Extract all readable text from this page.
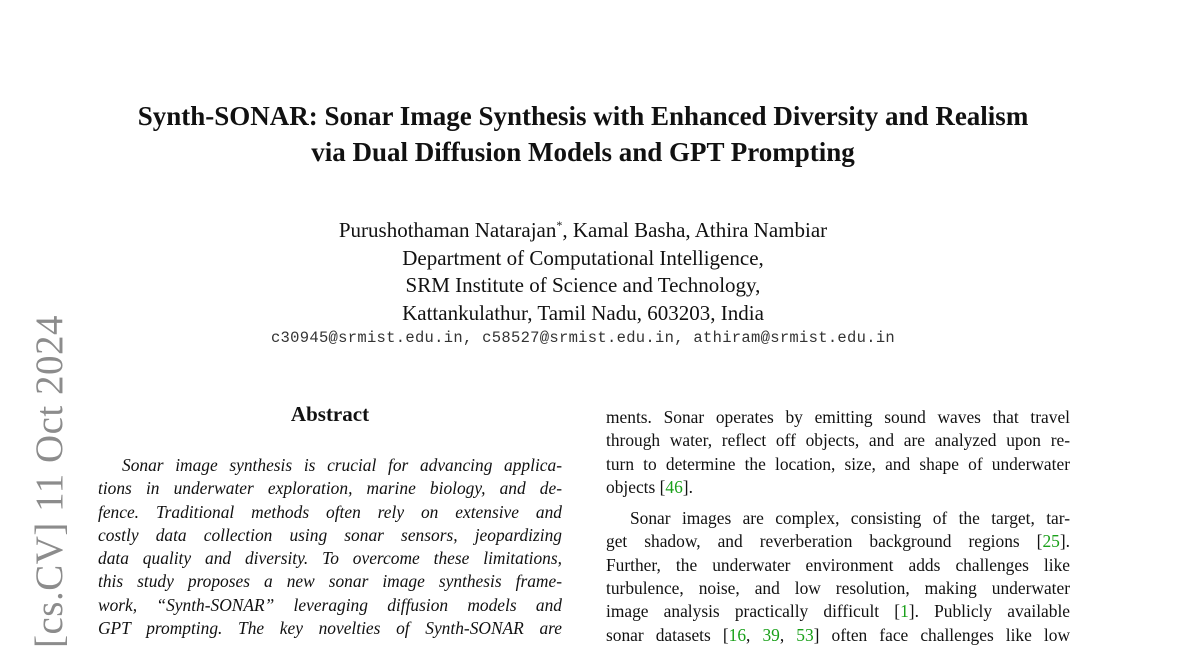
[cs.CV] 11 Oct 2024
Synth-SONAR: Sonar Image Synthesis with Enhanced Diversity and Realism
via Dual Diffusion Models and GPT Prompting
Purushothaman Natarajan*, Kamal Basha, Athira Nambiar
Department of Computational Intelligence,
SRM Institute of Science and Technology,
Kattankulathur, Tamil Nadu, 603203, India
c30945@srmist.edu.in, c58527@srmist.edu.in, athiram@srmist.edu.in
Abstract
Sonar image synthesis is crucial for advancing applica-
tions in underwater exploration, marine biology, and de-
fence. Traditional methods often rely on extensive and
costly data collection using sonar sensors, jeopardizing
data quality and diversity. To overcome these limitations,
this study proposes a new sonar image synthesis frame-
work, “Synth-SONAR” leveraging diffusion models and
GPT prompting. The key novelties of Synth-SONAR are
ments. Sonar operates by emitting sound waves that travel
through water, reflect off objects, and are analyzed upon re-
turn to determine the location, size, and shape of underwater
objects [46].
Sonar images are complex, consisting of the target, tar-
get shadow, and reverberation background regions [25].
Further, the underwater environment adds challenges like
turbulence, noise, and low resolution, making underwater
image analysis practically difficult [1]. Publicly available
sonar datasets [16, 39, 53] often face challenges like low
